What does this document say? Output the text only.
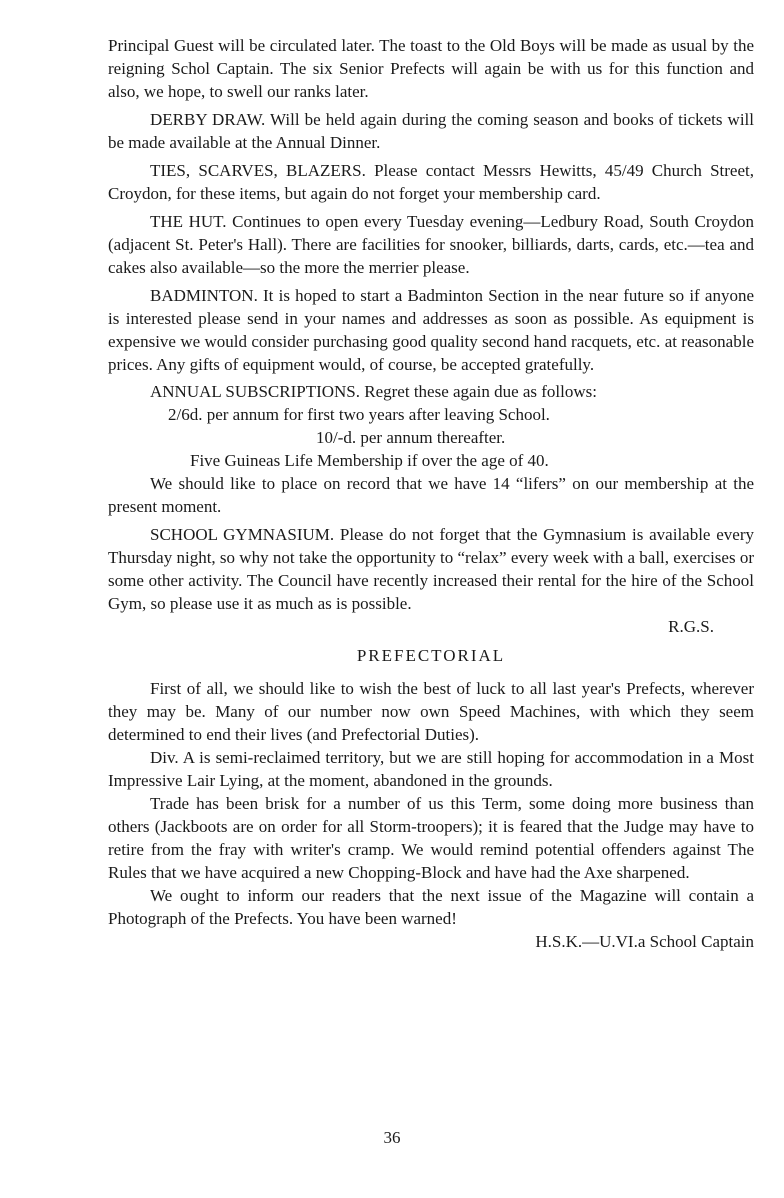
Principal Guest will be circulated later. The toast to the Old Boys will be made as usual by the reigning Schol Captain. The six Senior Prefects will again be with us for this function and also, we hope, to swell our ranks later.

DERBY DRAW. Will be held again during the coming season and books of tickets will be made available at the Annual Dinner.

TIES, SCARVES, BLAZERS. Please contact Messrs Hewitts, 45/49 Church Street, Croydon, for these items, but again do not forget your membership card.

THE HUT. Continues to open every Tuesday evening—Ledbury Road, South Croydon (adjacent St. Peter's Hall). There are facilities for snooker, billiards, darts, cards, etc.—tea and cakes also available—so the more the merrier please.

BADMINTON. It is hoped to start a Badminton Section in the near future so if anyone is interested please send in your names and addresses as soon as possible. As equipment is expensive we would consider purchasing good quality second hand racquets, etc. at reasonable prices. Any gifts of equipment would, of course, be accepted gratefully.

ANNUAL SUBSCRIPTIONS. Regret these again due as follows:

2/6d. per annum for first two years after leaving School.

10/-d. per annum thereafter.

Five Guineas Life Membership if over the age of 40.

We should like to place on record that we have 14 “lifers” on our membership at the present moment.

SCHOOL GYMNASIUM. Please do not forget that the Gymnasium is available every Thursday night, so why not take the opportunity to “relax” every week with a ball, exercises or some other activity. The Council have recently increased their rental for the hire of the School Gym, so please use it as much as is possible.

R.G.S.

PREFECTORIAL

First of all, we should like to wish the best of luck to all last year's Prefects, wherever they may be. Many of our number now own Speed Machines, with which they seem determined to end their lives (and Prefectorial Duties).

Div. A is semi-reclaimed territory, but we are still hoping for accommodation in a Most Impressive Lair Lying, at the moment, abandoned in the grounds.

Trade has been brisk for a number of us this Term, some doing more business than others (Jackboots are on order for all Storm-troopers); it is feared that the Judge may have to retire from the fray with writer's cramp. We would remind potential offenders against The Rules that we have acquired a new Chopping-Block and have had the Axe sharpened.

We ought to inform our readers that the next issue of the Magazine will contain a Photograph of the Prefects. You have been warned!

H.S.K.—U.VI.a School Captain

36
